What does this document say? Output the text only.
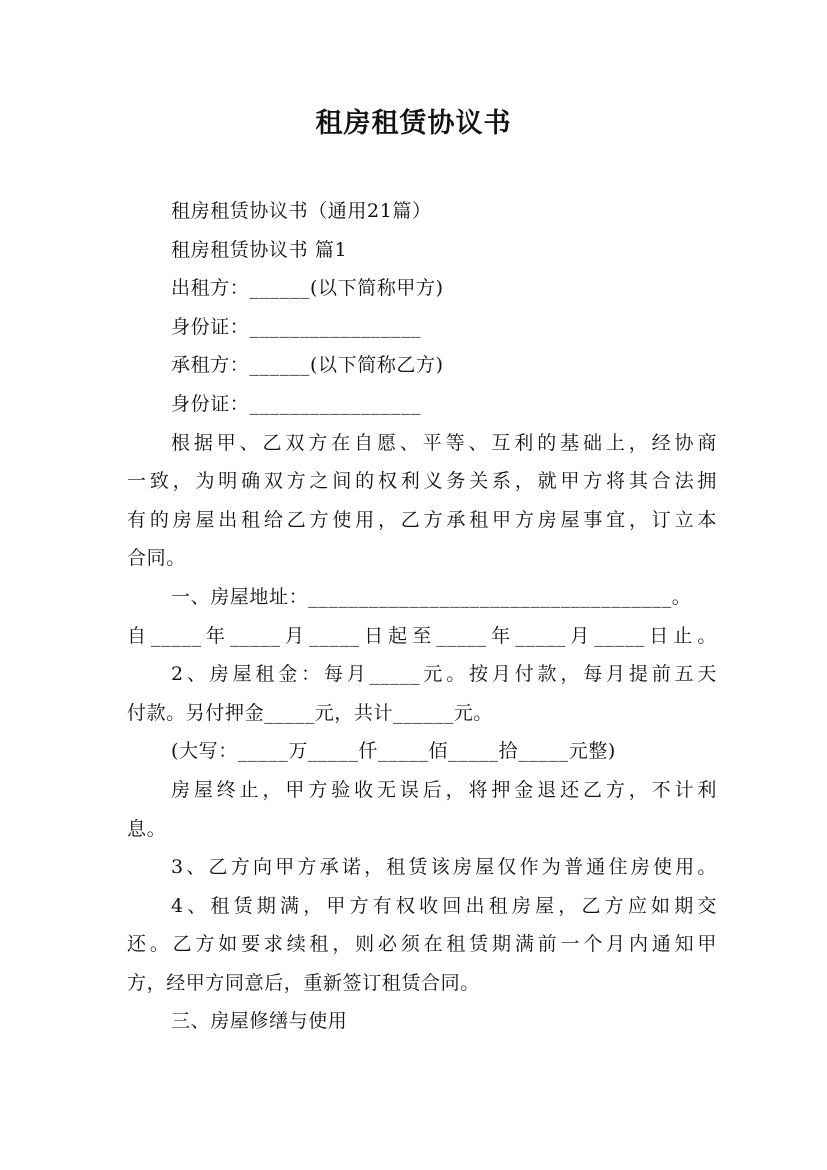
租房租赁协议书
租房租赁协议书（通用21篇）
租房租赁协议书 篇1
出租方：______(以下简称甲方)
身份证：_________________
承租方：______(以下简称乙方)
身份证：_________________
根据甲、乙双方在自愿、平等、互利的基础上，经协商
一致，为明确双方之间的权利义务关系，就甲方将其合法拥
有的房屋出租给乙方使用，乙方承租甲方房屋事宜，订立本
合同。
一、房屋地址：____________________________________。
自_____年_____月_____日起至_____年_____月_____日止。
2、房屋租金：每月_____元。按月付款，每月提前五天
付款。另付押金_____元，共计______元。
(大写：_____万_____仟_____佰_____拾_____元整)
房屋终止，甲方验收无误后，将押金退还乙方，不计利
息。
3、乙方向甲方承诺，租赁该房屋仅作为普通住房使用。
4、租赁期满，甲方有权收回出租房屋，乙方应如期交
还。乙方如要求续租，则必须在租赁期满前一个月内通知甲
方，经甲方同意后，重新签订租赁合同。
三、房屋修缮与使用
